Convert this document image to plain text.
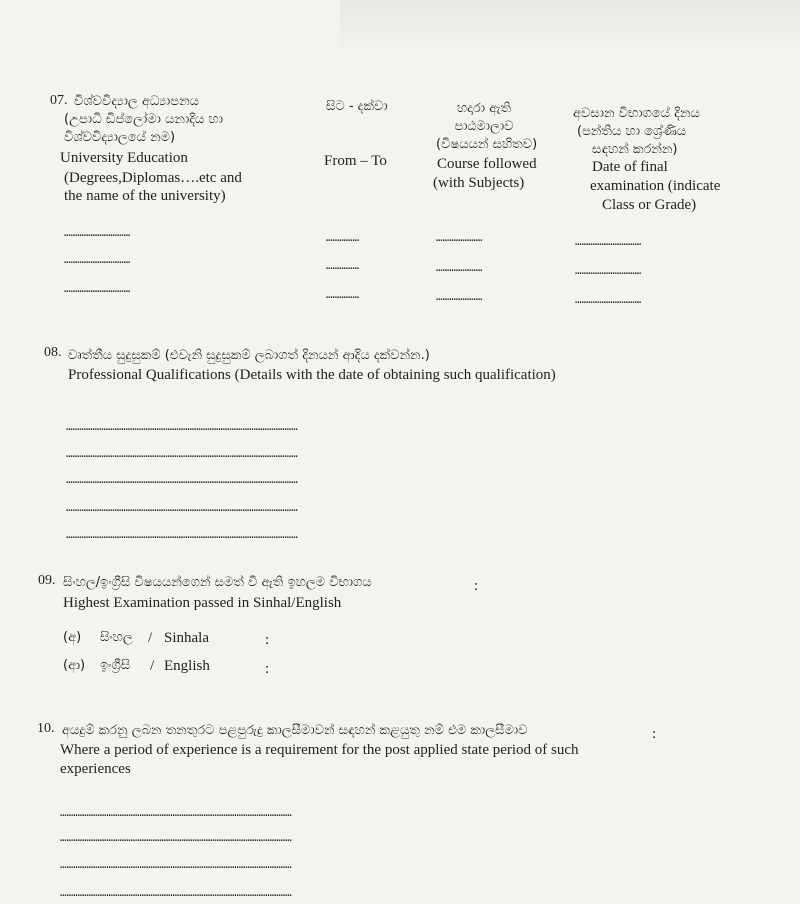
07. විශ්වවිද්‍යාල අධ්‍යාපනය
(උපාධි ඩිප්ලෝමා යනාදිය හා
විශ්වවිද්‍යාලයේ නම)
University Education
(Degrees,Diplomas….etc and
the name of the university)
සිට - දක්වා
From – To
හදාරා ඇති
පාඨමාලාව
(විෂයයන් සහිතව)
Course followed
(with Subjects)
අවසාන විභාගයේ දිනය
(පන්තිය හා ශ්‍රේණිය
සඳහන් කරන්න)
Date of final
examination (indicate
Class or Grade)
…………………………	……………	…………………	…………………………
…………………………	……………	…………………	…………………………
…………………………	……………	…………………	…………………………
08. වෘත්තීය සුදුසුකම් (එවැනි සුදුසුකම් ලබාගත් දිනයන් ආදිය දක්වන්න.)
Professional Qualifications (Details with the date of obtaining such qualification)
……………………………………………………………………………………………
……………………………………………………………………………………………
……………………………………………………………………………………………
……………………………………………………………………………………………
……………………………………………………………………………………………
09. සිංහල/ඉංග්‍රීසි විෂයයන්ගෙන් සමත් වී ඇති ඉහලම විභාගය	:
Highest Examination passed in Sinhal/English
(අ) සිංහල / Sinhala	:
(ආ) ඉංග්‍රීසි / English	:
10. අයදුම් කරනු ලබන තනතුරට පළපුරුදු කාලසීමාවන් සඳහන් කළයුතු නම් එම කාලසීමාව	:
Where a period of experience is a requirement for the post applied state period of such
experiences
……………………………………………………………………………………………
……………………………………………………………………………………………
……………………………………………………………………………………………
……………………………………………………………………………………………
